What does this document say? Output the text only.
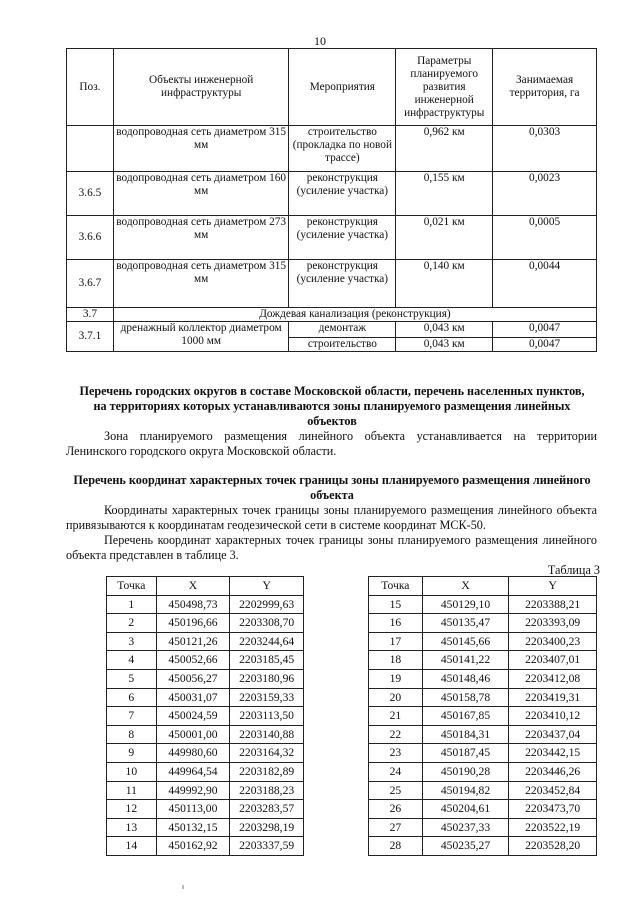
10
Поз.	Объекты инженерной инфраструктуры	Мероприятия	Параметры планируемого развития инженерной инфраструктуры	Занимаемая территория, га
	водопроводная сеть диаметром 315 мм	строительство (прокладка по новой трассе)	0,962 км	0,0303
3.6.5	водопроводная сеть диаметром 160 мм	реконструкция (усиление участка)	0,155 км	0,0023
3.6.6	водопроводная сеть диаметром 273 мм	реконструкция (усиление участка)	0,021 км	0,0005
3.6.7	водопроводная сеть диаметром 315 мм	реконструкция (усиление участка)	0,140 км	0,0044
3.7	Дождевая канализация (реконструкция)			
3.7.1	дренажный коллектор диаметром 1000 мм	демонтаж	0,043 км	0,0047
		строительство	0,043 км	0,0047
Перечень городских округов в составе Московской области, перечень населенных пунктов, на территориях которых устанавливаются зоны планируемого размещения линейных объектов
Зона планируемого размещения линейного объекта устанавливается на территории Ленинского городского округа Московской области.
Перечень координат характерных точек границы зоны планируемого размещения линейного объекта
Координаты характерных точек границы зоны планируемого размещения линейного объекта привязываются к координатам геодезической сети в системе координат МСК-50.
Перечень координат характерных точек границы зоны планируемого размещения линейного объекта представлен в таблице 3.
Таблица 3
Точка	X	Y
1	450498,73	2202999,63
2	450196,66	2203308,70
3	450121,26	2203244,64
4	450052,66	2203185,45
5	450056,27	2203180,96
6	450031,07	2203159,33
7	450024,59	2203113,50
8	450001,00	2203140,88
9	449980,60	2203164,32
10	449964,54	2203182,89
11	449992,90	2203188,23
12	450113,00	2203283,57
13	450132,15	2203298,19
14	450162,92	2203337,59
Точка	X	Y
15	450129,10	2203388,21
16	450135,47	2203393,09
17	450145,66	2203400,23
18	450141,22	2203407,01
19	450148,46	2203412,08
20	450158,78	2203419,31
21	450167,85	2203410,12
22	450184,31	2203437,04
23	450187,45	2203442,15
24	450190,28	2203446,26
25	450194,82	2203452,84
26	450204,61	2203473,70
27	450237,33	2203522,19
28	450235,27	2203528,20
